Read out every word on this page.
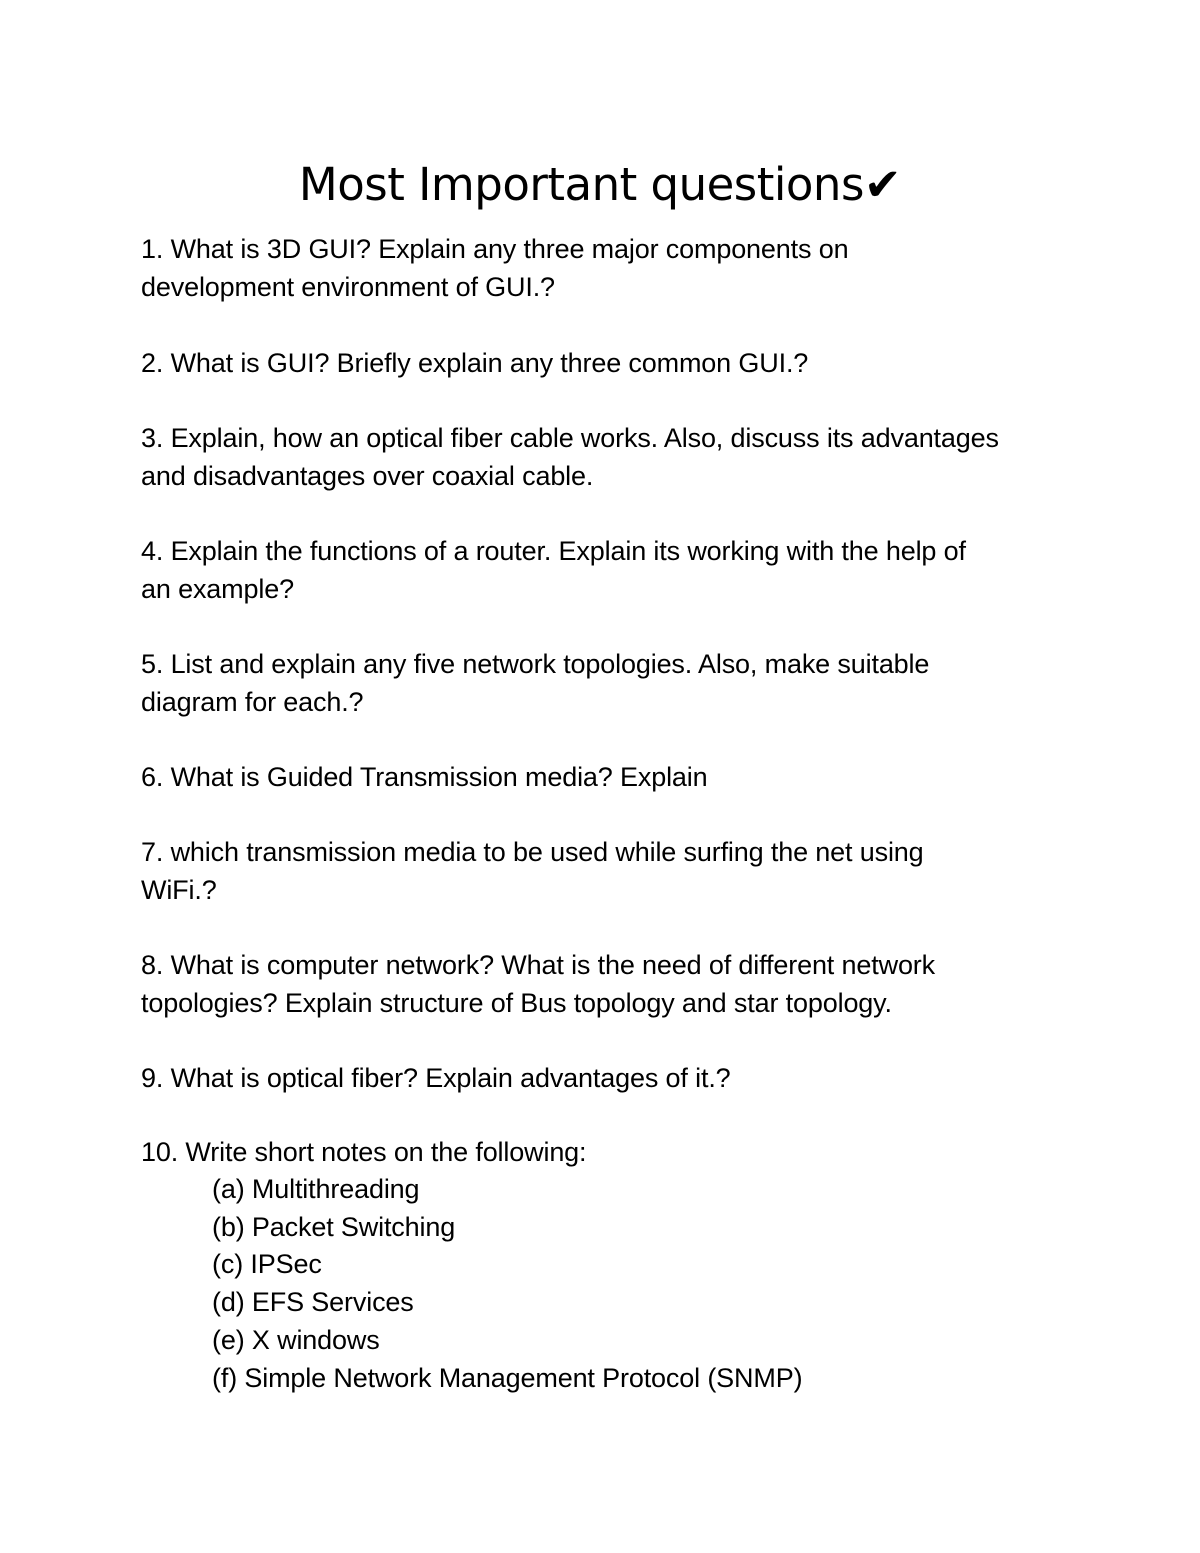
Most Important questions✔
1. What is 3D GUI? Explain any three major components on
development environment of GUI.?
2. What is GUI? Briefly explain any three common GUI.?
3. Explain, how an optical fiber cable works. Also, discuss its advantages
and disadvantages over coaxial cable.
4. Explain the functions of a router. Explain its working with the help of
an example?
5. List and explain any five network topologies. Also, make suitable
diagram for each.?
6. What is Guided Transmission media? Explain
7. which transmission media to be used while surfing the net using
WiFi.?
8. What is computer network? What is the need of different network
topologies? Explain structure of Bus topology and star topology.
9. What is optical fiber? Explain advantages of it.?
10. Write short notes on the following:
(a) Multithreading
(b) Packet Switching
(c) IPSec
(d) EFS Services
(e) X windows
(f) Simple Network Management Protocol (SNMP)
